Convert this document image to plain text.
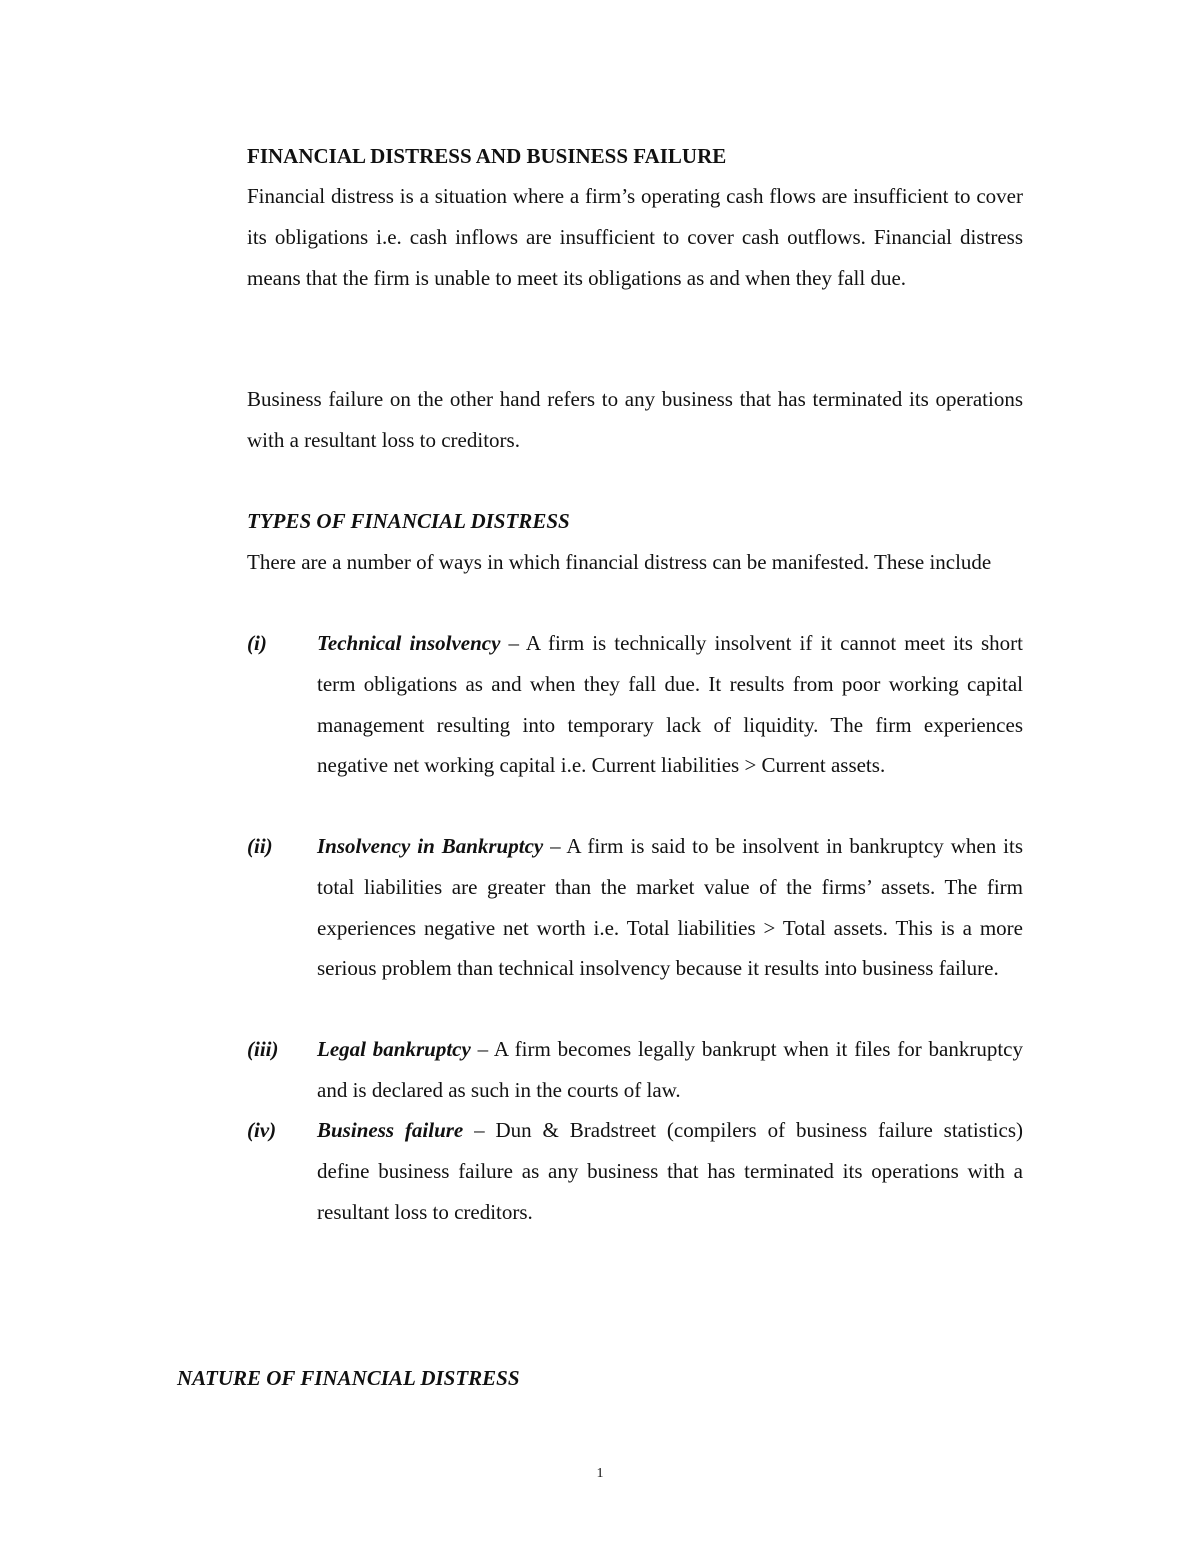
FINANCIAL DISTRESS AND BUSINESS FAILURE

Financial distress is a situation where a firm’s operating cash flows are insufficient to cover its obligations i.e. cash inflows are insufficient to cover cash outflows. Financial distress means that the firm is unable to meet its obligations as and when they fall due.

Business failure on the other hand refers to any business that has terminated its operations with a resultant loss to creditors.

TYPES OF FINANCIAL DISTRESS

There are a number of ways in which financial distress can be manifested. These include

(i) Technical insolvency – A firm is technically insolvent if it cannot meet its short term obligations as and when they fall due. It results from poor working capital management resulting into temporary lack of liquidity. The firm experiences negative net working capital i.e. Current liabilities > Current assets.

(ii) Insolvency in Bankruptcy – A firm is said to be insolvent in bankruptcy when its total liabilities are greater than the market value of the firms’ assets. The firm experiences negative net worth i.e. Total liabilities > Total assets. This is a more serious problem than technical insolvency because it results into business failure.

(iii) Legal bankruptcy – A firm becomes legally bankrupt when it files for bankruptcy and is declared as such in the courts of law.

(iv) Business failure – Dun & Bradstreet (compilers of business failure statistics) define business failure as any business that has terminated its operations with a resultant loss to creditors.

NATURE OF FINANCIAL DISTRESS

1
